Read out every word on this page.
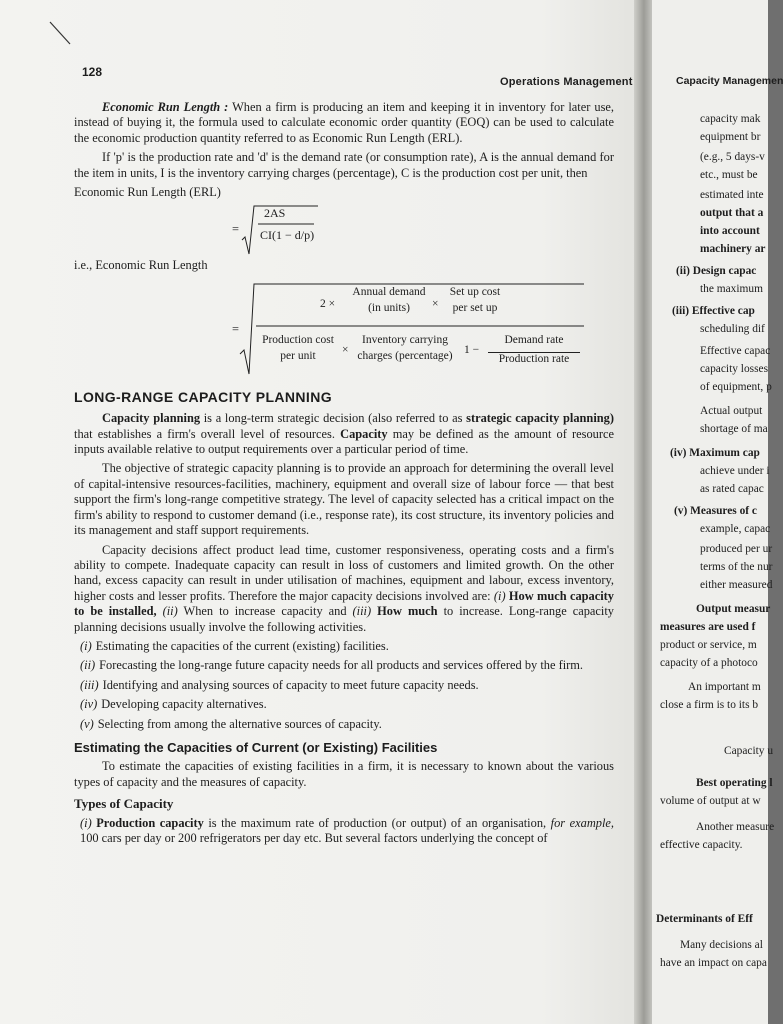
128
Operations Management

Economic Run Length : When a firm is producing an item and keeping it in inventory for later use, instead of buying it, the formula used to calculate economic order quantity (EOQ) can be used to calculate the economic production quantity referred to as Economic Run Length (ERL).

If 'p' is the production rate and 'd' is the demand rate (or consumption rate), A is the annual demand for the item in units, I is the inventory carrying charges (percentage), C is the production cost per unit, then

Economic Run Length (ERL)

=
2AS
CI(1 − d/p)

i.e., Economic Run Length

=
2 ×
Annual demand
(in units)	×
Set up cost
per set up
Production cost
per unit	×
Inventory carrying
charges (percentage) 1 −
Demand rate
Production rate
LONG-RANGE CAPACITY PLANNING

Capacity planning is a long-term strategic decision (also referred to as strategic capacity planning) that establishes a firm's overall level of resources. Capacity may be defined as the amount of resource inputs available relative to output requirements over a particular period of time.

The objective of strategic capacity planning is to provide an approach for determining the overall level of capital-intensive resources-facilities, machinery, equipment and overall size of labour force — that best support the firm's long-range competitive strategy. The level of capacity selected has a critical impact on the firm's ability to respond to customer demand (i.e., response rate), its cost structure, its inventory policies and its management and staff support requirements.

Capacity decisions affect product lead time, customer responsiveness, operating costs and a firm's ability to compete. Inadequate capacity can result in loss of customers and limited growth. On the other hand, excess capacity can result in under utilisation of machines, equipment and labour, excess inventory, higher costs and lesser profits. Therefore the major capacity decisions involved are: (i) How much capacity to be installed, (ii) When to increase capacity and (iii) How much to increase. Long-range capacity planning decisions usually involve the following activities.

(i) Estimating the capacities of the current (existing) facilities.
(ii) Forecasting the long-range future capacity needs for all products and services offered by the firm.
(iii) Identifying and analysing sources of capacity to meet future capacity needs.
(iv) Developing capacity alternatives.
(v) Selecting from among the alternative sources of capacity.
Estimating the Capacities of Current (or Existing) Facilities

To estimate the capacities of existing facilities in a firm, it is necessary to known about the various types of capacity and the measures of capacity.

Types of Capacity

(i) Production capacity is the maximum rate of production (or output) of an organisation, for example, 100 cars per day or 200 refrigerators per day etc. But several factors underlying the concept of

Capacity Managemen
capacity mak
equipment br
(e.g., 5 days-v
etc., must be
estimated inte
output that a
into account
machinery ar
(ii) Design capac
the maximum
(iii) Effective cap
scheduling dif
Effective capac
capacity losses
of equipment, p
Actual output
shortage of ma
(iv) Maximum cap
achieve under i
as rated capac
(v) Measures of c
example, capac
produced per ur
terms of the nur
either measured
Output measur
measures are used f
product or service, m
capacity of a photoco
An important m
close a firm is to its b
Capacity u
Best operating l
volume of output at w
Another measure
effective capacity.
Determinants of Eff
Many decisions al
have an impact on capa
